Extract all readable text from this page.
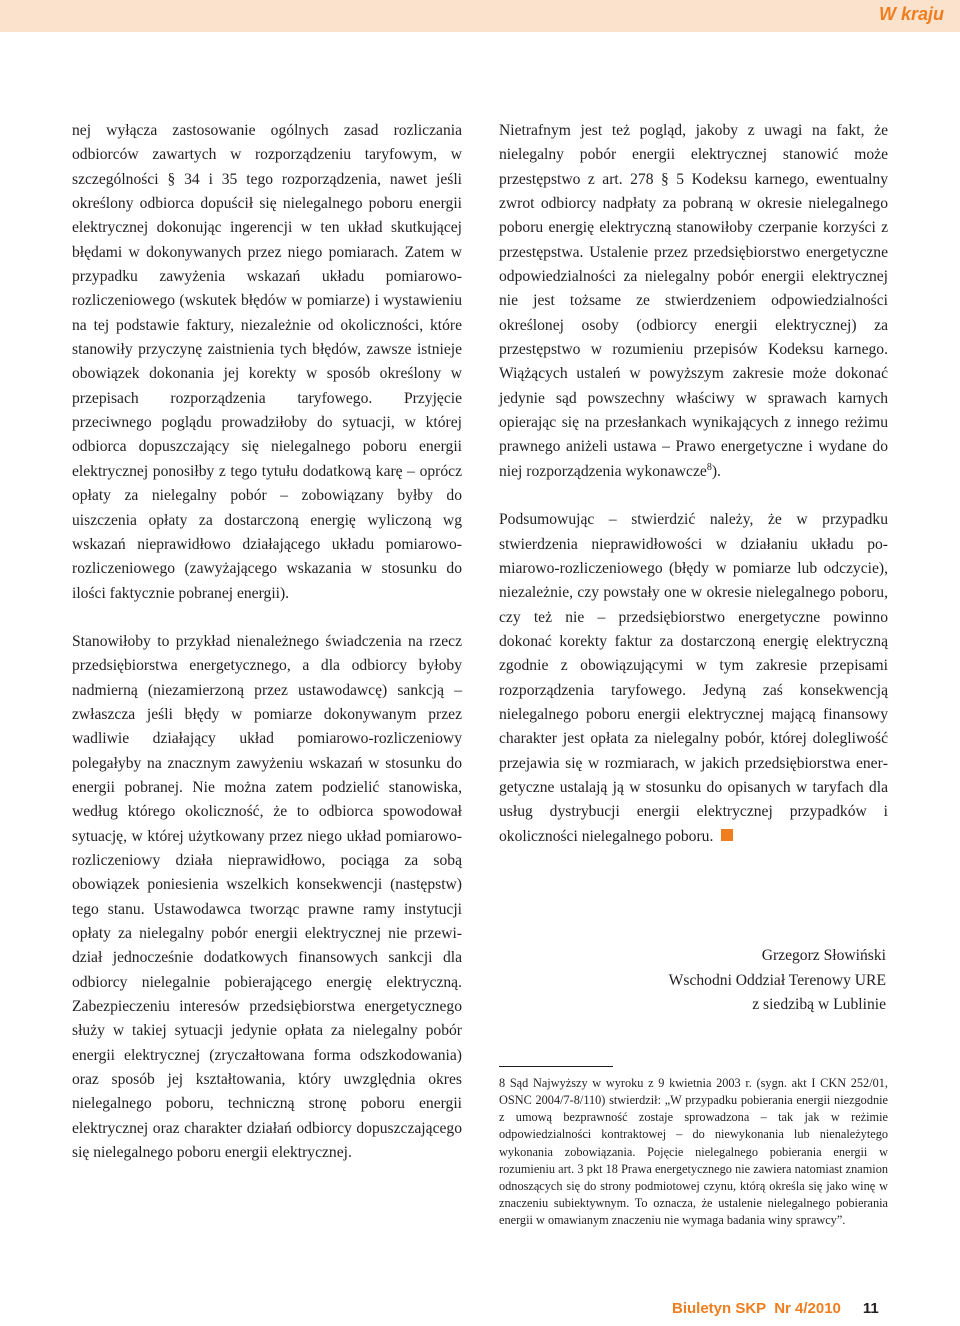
W kraju

nej wyłącza zastosowanie ogólnych zasad rozliczania odbiorców zawartych w rozporządzeniu taryfowym, w szczególności § 34 i 35 tego rozporządzenia, nawet jeśli określony odbiorca dopuścił się nielegalnego poboru energii elektrycznej dokonując ingerencji w ten układ skutkującej błędami w dokonywanych przez niego pomiarach. Zatem w przypadku zawyżenia wskazań układu pomiarowo-rozliczeniowego (wskutek błędów w pomiarze) i wystawieniu na tej podstawie faktury, niezależnie od okoliczności, które stanowiły przyczynę zaistnienia tych błędów, zawsze istnieje obowiązek dokonania jej korekty w sposób określony w przepisach rozporządzenia taryfowego. Przyjęcie przeciwnego poglądu prowadziłoby do sytuacji, w której odbiorca dopuszczający się nielegalnego poboru energii elektrycznej ponosiłby z tego tytułu dodatkową karę – oprócz opłaty za nielegalny pobór – zobowiązany byłby do uiszczenia opłaty za dostarczoną energię wyliczoną wg wskazań nieprawidłowo działającego układu pomiarowo-rozliczeniowego (zawyżającego wskazania w stosunku do ilości faktycznie pobranej energii).

Stanowiłoby to przykład nienależnego świadczenia na rzecz przedsiębiorstwa energetycznego, a dla odbiorcy byłoby nadmierną (niezamierzoną przez ustawodawcę) sankcją – zwłaszcza jeśli błędy w pomiarze dokonywanym przez wadliwie działający układ pomiarowo-rozliczeniowy polegałyby na znacznym zawyżeniu wskazań w stosunku do energii pobranej. Nie można zatem podzielić stanowiska, według którego okoliczność, że to odbiorca spowodował sytuację, w której użytkowany przez niego układ pomiarowo-rozliczeniowy działa nieprawidłowo, pociąga za sobą obowiązek poniesienia wszelkich konsekwencji (następstw) tego stanu. Ustawodawca tworząc prawne ramy instytucji opłaty za nielegalny pobór energii elektrycznej nie przewidział jednocześnie dodatkowych finansowych sankcji dla odbiorcy nielegalnie pobierającego energię elektryczną. Zabezpieczeniu interesów przedsiębiorstwa energetycznego służy w takiej sytuacji jedynie opłata za nielegalny pobór energii elektrycznej (zryczałtowana forma odszkodowania) oraz sposób jej kształtowania, który uwzględnia okres nielegalnego poboru, techniczną stronę poboru energii elektrycznej oraz charakter działań odbiorcy dopuszczającego się nielegalnego poboru energii elektrycznej.

Nietrafnym jest też pogląd, jakoby z uwagi na fakt, że nielegalny pobór energii elektrycznej stanowić może przestępstwo z art. 278 § 5 Kodeksu karnego, ewentualny zwrot odbiorcy nadpłaty za pobraną w okresie nielegalnego poboru energię elektryczną stanowiłoby czerpanie korzyści z przestępstwa. Ustalenie przez przedsiębiorstwo energetyczne odpowiedzialności za nielegalny pobór energii elektrycznej nie jest tożsame ze stwierdzeniem odpowiedzialności określonej osoby (odbiorcy energii elektrycznej) za przestępstwo w rozumieniu przepisów Kodeksu karnego. Wiążących ustaleń w powyższym zakresie może dokonać jedynie sąd powszechny właściwy w sprawach karnych opierając się na przesłankach wynikających z innego reżimu prawnego aniżeli ustawa – Prawo energetyczne i wydane do niej rozporządzenia wykonawcze$^8$).

Podsumowując – stwierdzić należy, że w przypadku stwierdzenia nieprawidłowości w działaniu układu pomiarowo-rozliczeniowego (błędy w pomiarze lub odczycie), niezależnie, czy powstały one w okresie nielegalnego poboru, czy też nie – przedsiębiorstwo energetyczne powinno dokonać korekty faktur za dostarczoną energię elektryczną zgodnie z obowiązującymi w tym zakresie przepisami rozporządzenia taryfowego. Jedyną zaś konsekwencją nielegalnego poboru energii elektrycznej mającą finansowy charakter jest opłata za nielegalny pobór, której dolegliwość przejawia się w rozmiarach, w jakich przedsiębiorstwa energetyczne ustalają ją w stosunku do opisanych w taryfach dla usług dystrybucji energii elektrycznej przypadków i okoliczności nielegalnego poboru.

Grzegorz Słowiński
Wschodni Oddział Terenowy URE
z siedzibą w Lublinie
8 Sąd Najwyższy w wyroku z 9 kwietnia 2003 r. (sygn. akt I CKN 252/01, OSNC 2004/7-8/110) stwierdził: „W przypadku pobierania energii niezgodnie z umową bezprawność zostaje sprowadzona – tak jak w reżimie odpowiedzialności kontraktowej – do niewykonania lub nienależytego wykonania zobowiązania. Pojęcie nielegalnego pobierania energii w rozumieniu art. 3 pkt 18 Prawa energetycznego nie zawiera natomiast znamion odnoszących się do strony podmiotowej czynu, którą określa się jako winę w znaczeniu subiektywnym. To oznacza, że ustalenie nielegalnego pobierania energii w omawianym znaczeniu nie wymaga badania winy sprawcy”.
Biuletyn SKP Nr 4/2010 11
